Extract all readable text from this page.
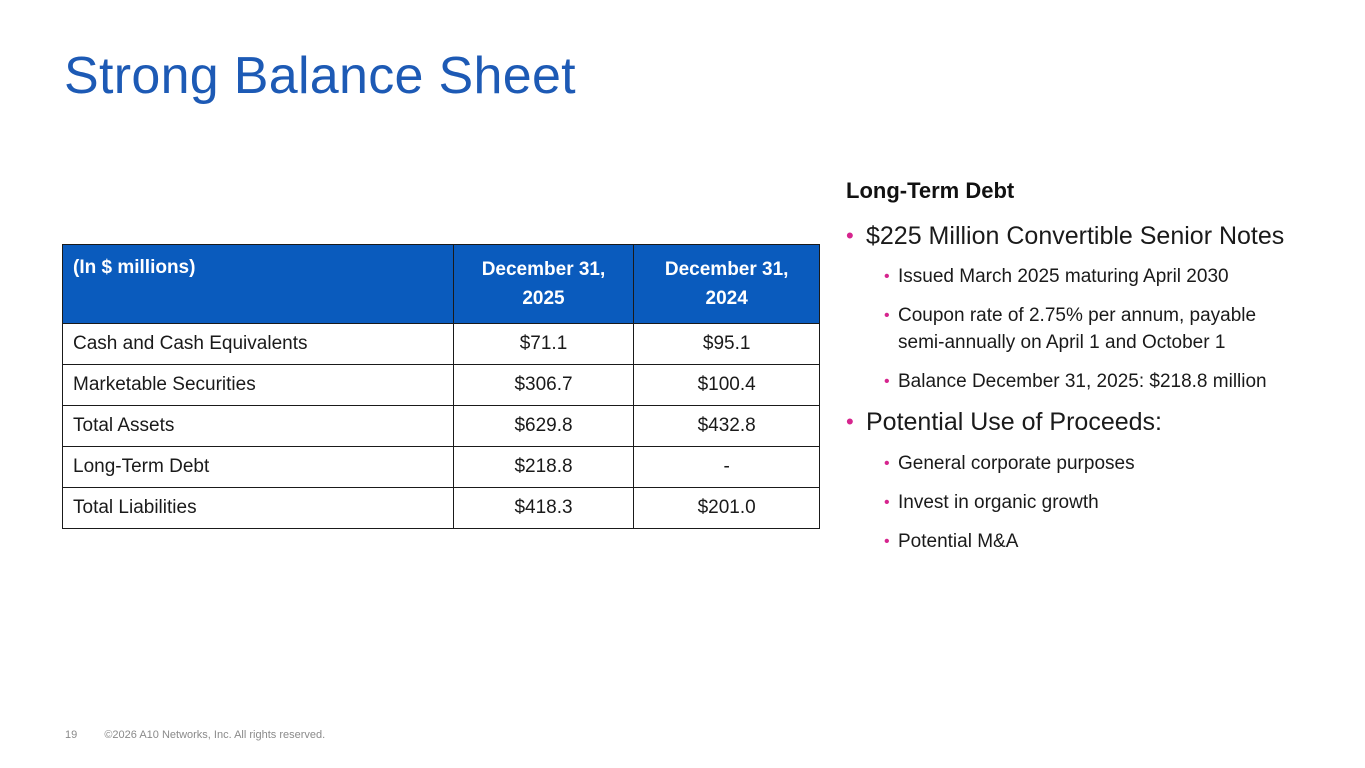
Strong Balance Sheet
(In $ millions)	December 31, 2025	December 31, 2024
Cash and Cash Equivalents	$71.1	$95.1
Marketable Securities	$306.7	$100.4
Total Assets	$629.8	$432.8
Long-Term Debt	$218.8	-
Total Liabilities	$418.3	$201.0
Long-Term Debt
• $225 Million Convertible Senior Notes
• Issued March 2025 maturing April 2030
• Coupon rate of 2.75% per annum, payable
semi-annually on April 1 and October 1
• Balance December 31, 2025: $218.8 million
• Potential Use of Proceeds:
• General corporate purposes
• Invest in organic growth
• Potential M&A
19 ©2026 A10 Networks, Inc. All rights reserved.
